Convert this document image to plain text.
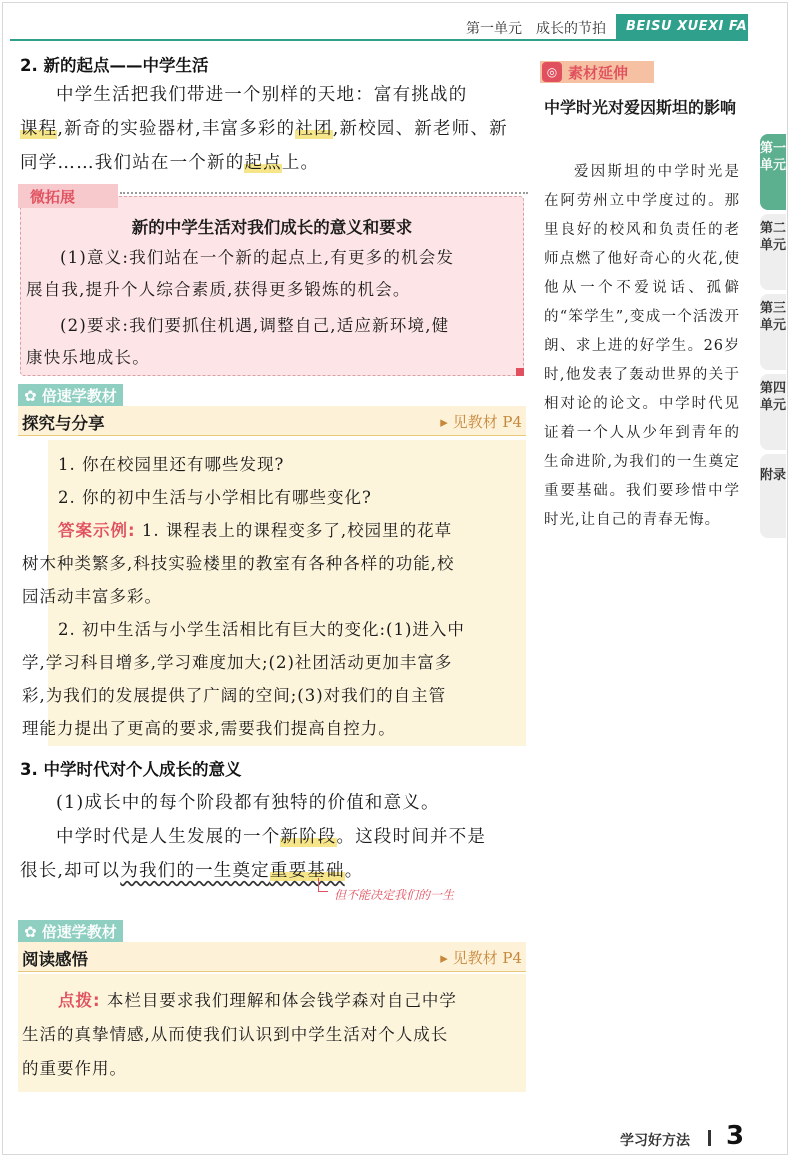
第一单元 成长的节拍	BEISU XUEXI FA
2. 新的起点——中学生活
中学生活把我们带进一个别样的天地：富有挑战的
课程,新奇的实验器材,丰富多彩的社团,新校园、新老师、新
同学……我们站在一个新的起点上。
微拓展
新的中学生活对我们成长的意义和要求
(1)意义:我们站在一个新的起点上,有更多的机会发
展自我,提升个人综合素质,获得更多锻炼的机会。
(2)要求:我们要抓住机遇,调整自己,适应新环境,健
康快乐地成长。
✿ 倍速学教材
探究与分享	▸ 见教材 P4
1. 你在校园里还有哪些发现?
2. 你的初中生活与小学相比有哪些变化?
答案示例: 1. 课程表上的课程变多了,校园里的花草
树木种类繁多,科技实验楼里的教室有各种各样的功能,校
园活动丰富多彩。
2. 初中生活与小学生活相比有巨大的变化:(1)进入中
学,学习科目增多,学习难度加大;(2)社团活动更加丰富多
彩,为我们的发展提供了广阔的空间;(3)对我们的自主管
理能力提出了更高的要求,需要我们提高自控力。
3. 中学时代对个人成长的意义
(1)成长中的每个阶段都有独特的价值和意义。
中学时代是人生发展的一个新阶段。这段时间并不是
很长,却可以为我们的一生奠定重要基础。
但不能决定我们的一生
✿ 倍速学教材
阅读感悟	▸ 见教材 P4
点拨: 本栏目要求我们理解和体会钱学森对自己中学
生活的真挚情感,从而使我们认识到中学生活对个人成长
的重要作用。
◎ 素材延伸
中学时光对爱因斯坦的影响
爱因斯坦的中学时光是在阿劳州立中学度过的。那里良好的校风和负责任的老师点燃了他好奇心的火花,使他从一个不爱说话、孤僻的“笨学生”,变成一个活泼开朗、求上进的好学生。26岁时,他发表了轰动世界的关于相对论的论文。中学时代见证着一个人从少年到青年的生命进阶,为我们的一生奠定重要基础。我们要珍惜中学时光,让自己的青春无悔。
第一单元
第二单元
第三单元
第四单元
附录
学习好方法 3
